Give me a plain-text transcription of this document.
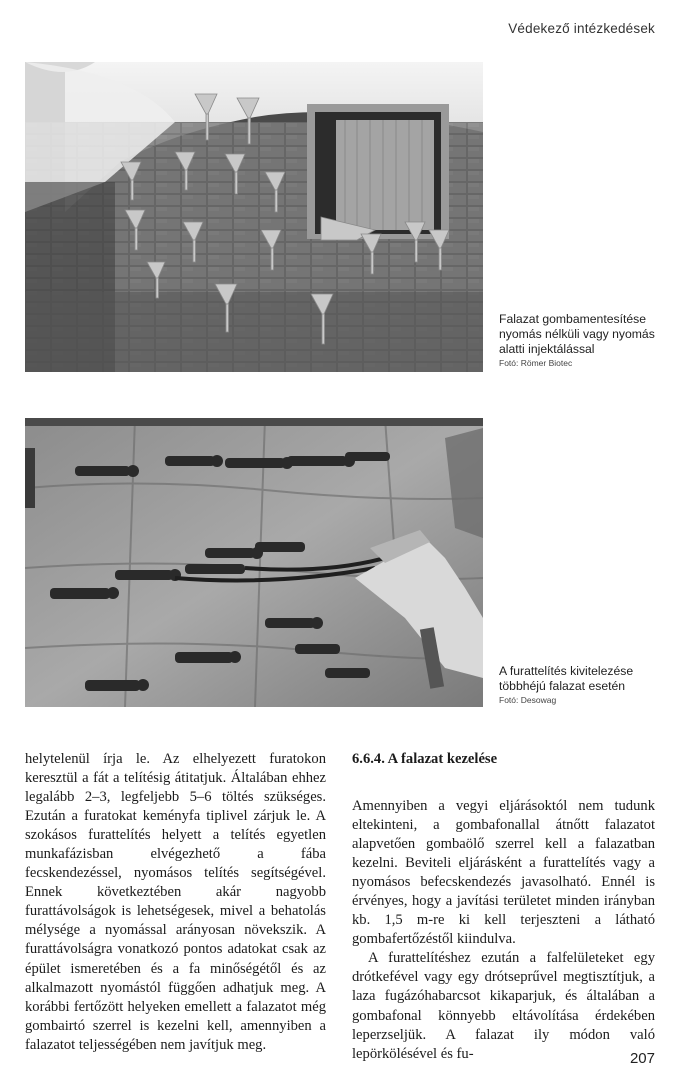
Védekező intézkedések
Falazat gombamentesítése nyomás nélküli vagy nyomás alatti injektálással
Fotó: Römer Biotec
A furattelítés kivitelezése többhéjú falazat esetén
Fotó: Desowag

helytelenül írja le. Az elhelyezett furatokon keresztül a fát a telítésig átitatjuk. Általában ehhez legalább 2–3, legfeljebb 5–6 töltés szükséges. Ezután a furatokat keményfa tiplivel zárjuk le. A szokásos furattelítés helyett a telítés egyetlen munkafázisban elvégezhető a fába fecskendezéssel, nyomásos telítés segítségével. Ennek következtében akár nagyobb furattávolságok is lehetségesek, mivel a behatolás mélysége a nyomással arányosan növekszik. A furattávolságra vonatkozó pontos adatokat csak az épület ismeretében és a fa minőségétől és az alkalmazott nyomástól függően adhatjuk meg. A korábbi fertőzött helyeken emellett a falazatot még gombairtó szerrel is kezelni kell, amennyiben a falazatot teljességében nem javítjuk meg.

6.6.4. A falazat kezelése

Amennyiben a vegyi eljárásoktól nem tudunk eltekinteni, a gombafonallal átnőtt falazatot alapvetően gombaölő szerrel kell a falazatban kezelni. Beviteli eljárásként a furattelítés vagy a nyomásos befecskendezés javasolható. Ennél is érvényes, hogy a javítási területet minden irányban kb. 1,5 m-re ki kell terjeszteni a látható gombafertőzéstől kiindulva.

A furattelítéshez ezután a falfelületeket egy drótkefével vagy egy drótseprűvel megtisztítjuk, a laza fugázóhabarcsot kikaparjuk, és általában a gombafonal könnyebb eltávolítása érdekében leperzseljük. A falazat ily módon való lepörkölésével és fu-	207
